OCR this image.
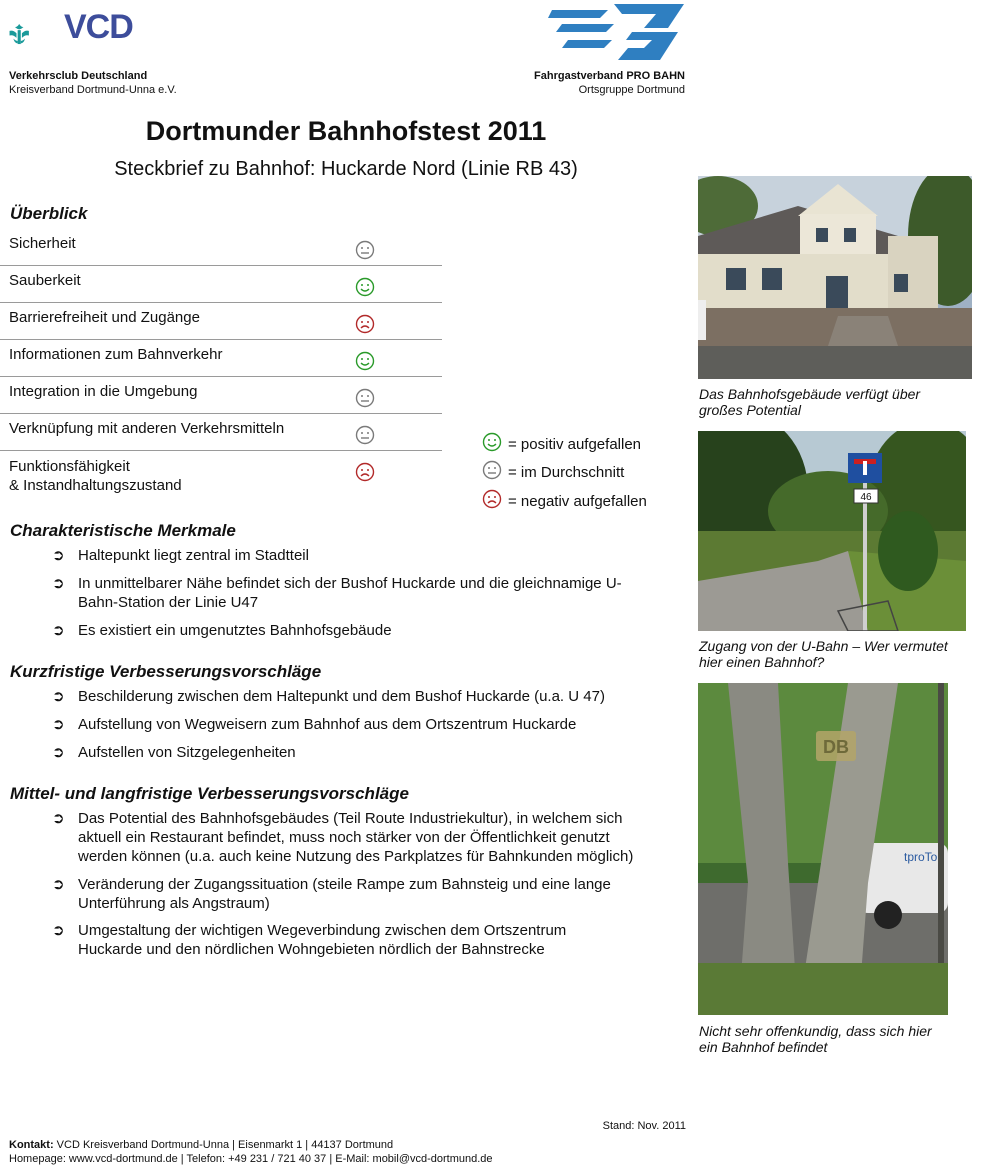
VCD
Verkehrsclub Deutschland
Kreisverband Dortmund-Unna e.V.
Fahrgastverband PRO BAHN
Ortsgruppe Dortmund
Dortmunder Bahnhofstest 2011
Steckbrief zu Bahnhof: Huckarde Nord (Linie RB 43)
Überblick
Sicherheit
Sauberkeit
Barrierefreiheit und Zugänge
Informationen zum Bahnverkehr
Integration in die Umgebung
Verknüpfung mit anderen Verkehrsmitteln
Funktionsfähigkeit
& Instandhaltungszustand
= positiv aufgefallen
= im Durchschnitt
= negativ aufgefallen
Charakteristische Merkmale
➲ Haltepunkt liegt zentral im Stadtteil
➲ In unmittelbarer Nähe befindet sich der Bushof Huckarde und die gleichnamige U-
Bahn-Station der Linie U47
➲ Es existiert ein umgenutztes Bahnhofsgebäude
Kurzfristige Verbesserungsvorschläge
➲ Beschilderung zwischen dem Haltepunkt und dem Bushof Huckarde (u.a. U 47)
➲ Aufstellung von Wegweisern zum Bahnhof aus dem Ortszentrum Huckarde
➲ Aufstellen von Sitzgelegenheiten
Mittel- und langfristige Verbesserungsvorschläge
➲ Das Potential des Bahnhofsgebäudes (Teil Route Industriekultur), in welchem sich
aktuell ein Restaurant befindet, muss noch stärker von der Öffentlichkeit genutzt
werden können (u.a. auch keine Nutzung des Parkplatzes für Bahnkunden möglich)
➲ Veränderung der Zugangssituation (steile Rampe zum Bahnsteig und eine lange
Unterführung als Angstraum)
➲ Umgestaltung der wichtigen Wegeverbindung zwischen dem Ortszentrum
Huckarde und den nördlichen Wohngebieten nördlich der Bahnstrecke
Das Bahnhofsgebäude verfügt über
großes Potential
46
Zugang von der U-Bahn – Wer vermutet
hier einen Bahnhof?
tproTo
DB
Nicht sehr offenkundig, dass sich hier
ein Bahnhof befindet
Stand: Nov. 2011
Kontakt: VCD Kreisverband Dortmund-Unna | Eisenmarkt 1 | 44137 Dortmund
Homepage: www.vcd-dortmund.de | Telefon: +49 231 / 721 40 37 | E-Mail: mobil@vcd-dortmund.de
